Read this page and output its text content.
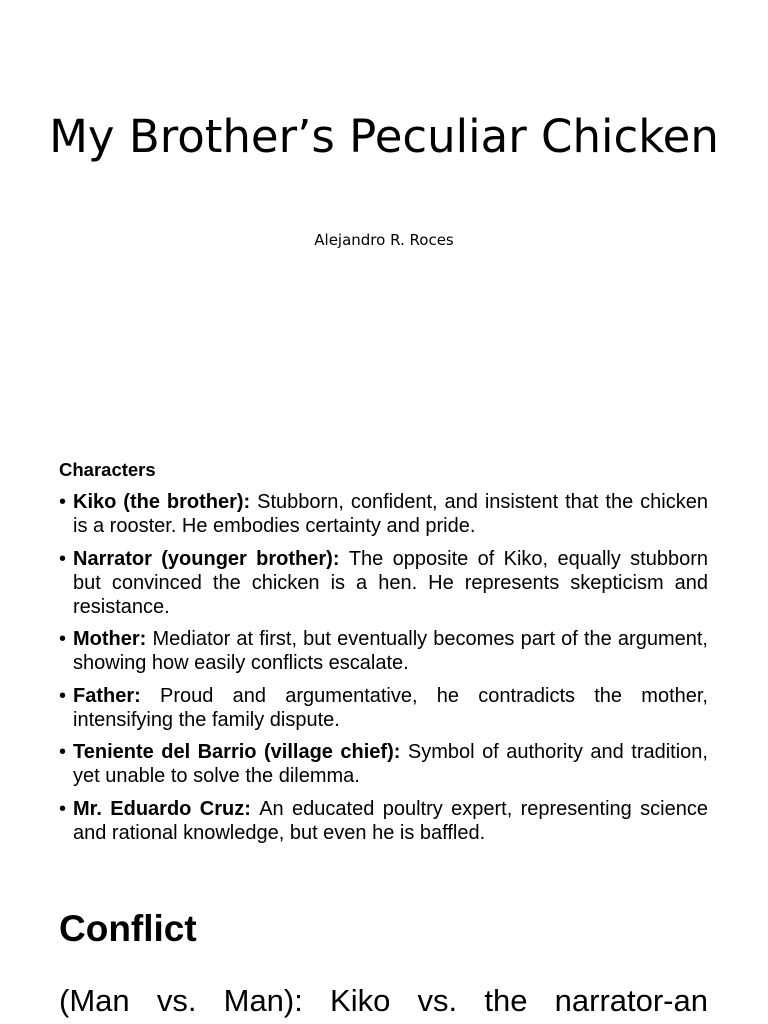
My Brother’s Peculiar Chicken
Alejandro R. Roces
Characters
• Kiko (the brother): Stubborn, confident, and insistent that the chicken is a rooster. He embodies certainty and pride.
• Narrator (younger brother): The opposite of Kiko, equally stubborn but convinced the chicken is a hen. He represents skepticism and resistance.
• Mother: Mediator at first, but eventually becomes part of the argument, showing how easily conflicts escalate.
• Father: Proud and argumentative, he contradicts the mother, intensifying the family dispute.
• Teniente del Barrio (village chief): Symbol of authority and tradition, yet unable to solve the dilemma.
• Mr. Eduardo Cruz: An educated poultry expert, representing science and rational knowledge, but even he is baffled.
Conflict
(Man vs. Man): Kiko vs. the narrator-an
